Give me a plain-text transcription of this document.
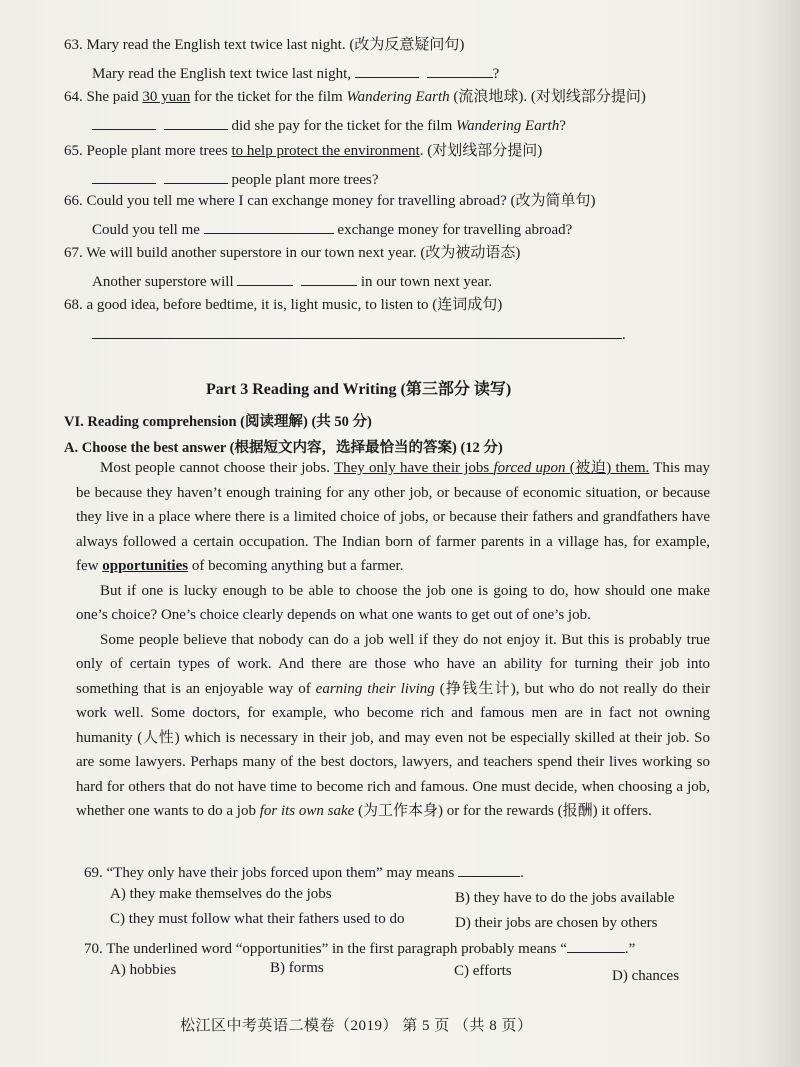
63. Mary read the English text twice last night. (改为反意疑问句)
Mary read the English text twice last night,	?
64. She paid 30 yuan for the ticket for the film Wandering Earth (流浪地球). (对划线部分提问)
did she pay for the ticket for the film Wandering Earth?
65. People plant more trees to help protect the environment. (对划线部分提问)
people plant more trees?
66. Could you tell me where I can exchange money for travelling abroad? (改为简单句)
Could you tell me	exchange money for travelling abroad?
67. We will build another superstore in our town next year. (改为被动语态)
Another superstore will	in our town next year.
68. a good idea, before bedtime, it is, light music, to listen to (连词成句)
.
Part 3 Reading and Writing (第三部分 读写)
VI. Reading comprehension (阅读理解) (共 50 分)
A. Choose the best answer (根据短文内容，选择最恰当的答案) (12 分)

Most people cannot choose their jobs. They only have their jobs forced upon (被迫) them. This may be because they haven’t enough training for any other job, or because of economic situation, or because they live in a place where there is a limited choice of jobs, or because their fathers and grandfathers have always followed a certain occupation. The Indian born of farmer parents in a village has, for example, few opportunities of becoming anything but a farmer.

But if one is lucky enough to be able to choose the job one is going to do, how should one make one’s choice? One’s choice clearly depends on what one wants to get out of one’s job.

Some people believe that nobody can do a job well if they do not enjoy it. But this is probably true only of certain types of work. And there are those who have an ability for turning their job into something that is an enjoyable way of earning their living (挣钱生计), but who do not really do their work well. Some doctors, for example, who become rich and famous men are in fact not owning humanity (人性) which is necessary in their job, and may even not be especially skilled at their job. So are some lawyers. Perhaps many of the best doctors, lawyers, and teachers spend their lives working so hard for others that do not have time to become rich and famous. One must decide, when choosing a job, whether one wants to do a job for its own sake (为工作本身) or for the rewards (报酬) it offers.

69. “They only have their jobs forced upon them” may means	.
A) they make themselves do the jobs	B) they have to do the jobs available
C) they must follow what their fathers used to do	D) their jobs are chosen by others
70. The underlined word “opportunities” in the first paragraph probably means “	.”
A) hobbies	B) forms	C) efforts	D) chances
松江区中考英语二模卷（2019） 第 5 页 （共 8 页）
